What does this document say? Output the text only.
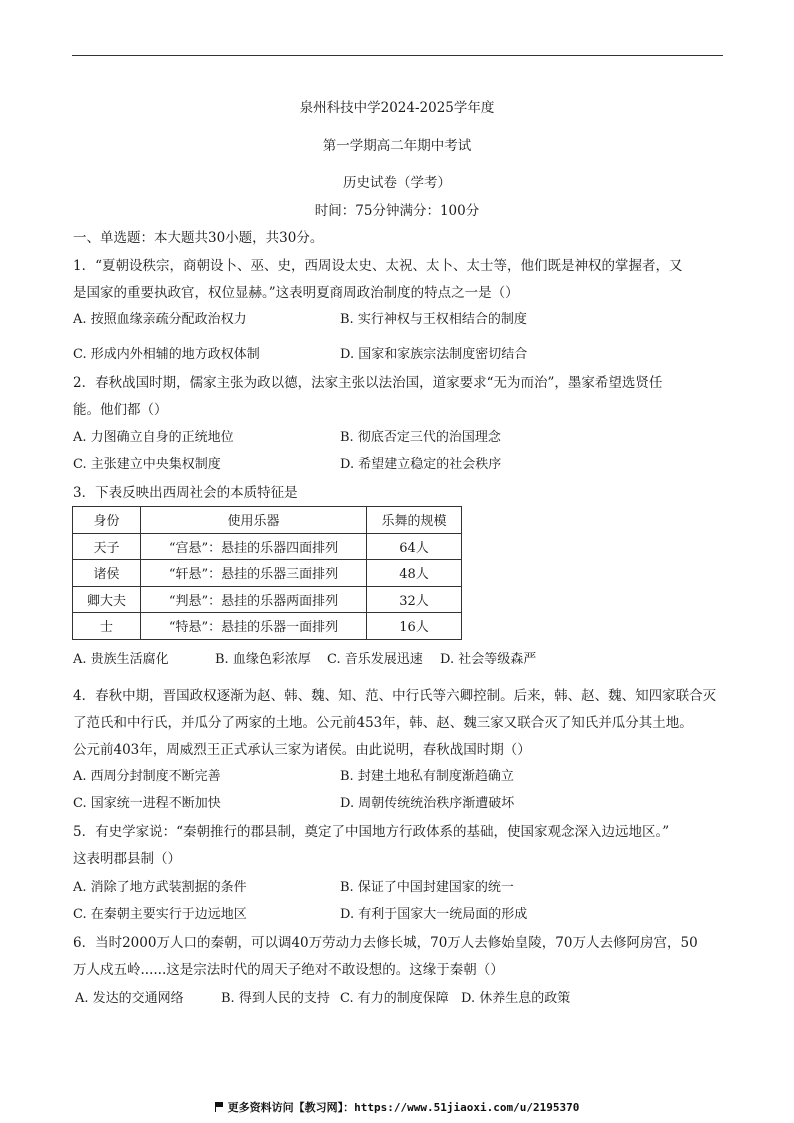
泉州科技中学2024-2025学年度
第一学期高二年期中考试
历史试卷（学考）
时间：75分钟满分：100分
一、单选题：本大题共30小题，共30分。
1．“夏朝设秩宗，商朝设卜、巫、史，西周设太史、太祝、太卜、太士等，他们既是神权的掌握者，又
是国家的重要执政官，权位显赫。”这表明夏商周政治制度的特点之一是（）
A. 按照血缘亲疏分配政治权力	B. 实行神权与王权相结合的制度
C. 形成内外相辅的地方政权体制	D. 国家和家族宗法制度密切结合
2．春秋战国时期，儒家主张为政以德，法家主张以法治国，道家要求“无为而治”，墨家希望选贤任
能。他们都（）
A. 力图确立自身的正统地位	B. 彻底否定三代的治国理念
C. 主张建立中央集权制度	D. 希望建立稳定的社会秩序
3．下表反映出西周社会的本质特征是
身份	使用乐器	乐舞的规模
天子	“宫悬”：悬挂的乐器四面排列	64人
诸侯	“轩悬”：悬挂的乐器三面排列	48人
卿大夫	“判悬”：悬挂的乐器两面排列	32人
士	“特悬”：悬挂的乐器一面排列	16人
A. 贵族生活腐化	B. 血缘色彩浓厚 C. 音乐发展迅速 D. 社会等级森严
4．春秋中期，晋国政权逐渐为赵、韩、魏、知、范、中行氏等六卿控制。后来，韩、赵、魏、知四家联合灭
了范氏和中行氏，并瓜分了两家的土地。公元前453年，韩、赵、魏三家又联合灭了知氏并瓜分其土地。
公元前403年，周威烈王正式承认三家为诸侯。由此说明，春秋战国时期（）
A. 西周分封制度不断完善	B. 封建土地私有制度渐趋确立
C. 国家统一进程不断加快	D. 周朝传统统治秩序渐遭破坏
5．有史学家说：“秦朝推行的郡县制，奠定了中国地方行政体系的基础，使国家观念深入边远地区。”
这表明郡县制（）
A. 消除了地方武装割据的条件	B. 保证了中国封建国家的统一
C. 在秦朝主要实行于边远地区	D. 有利于国家大一统局面的形成
6．当时2000万人口的秦朝，可以调40万劳动力去修长城，70万人去修始皇陵，70万人去修阿房宫，50
万人戍五岭......这是宗法时代的周天子绝对不敢设想的。这缘于秦朝（）
A. 发达的交通网络	B. 得到人民的支持 C. 有力的制度保障 D. 休养生息的政策
更多资料访问【教习网】：https://www.51jiaoxi.com/u/2195370
